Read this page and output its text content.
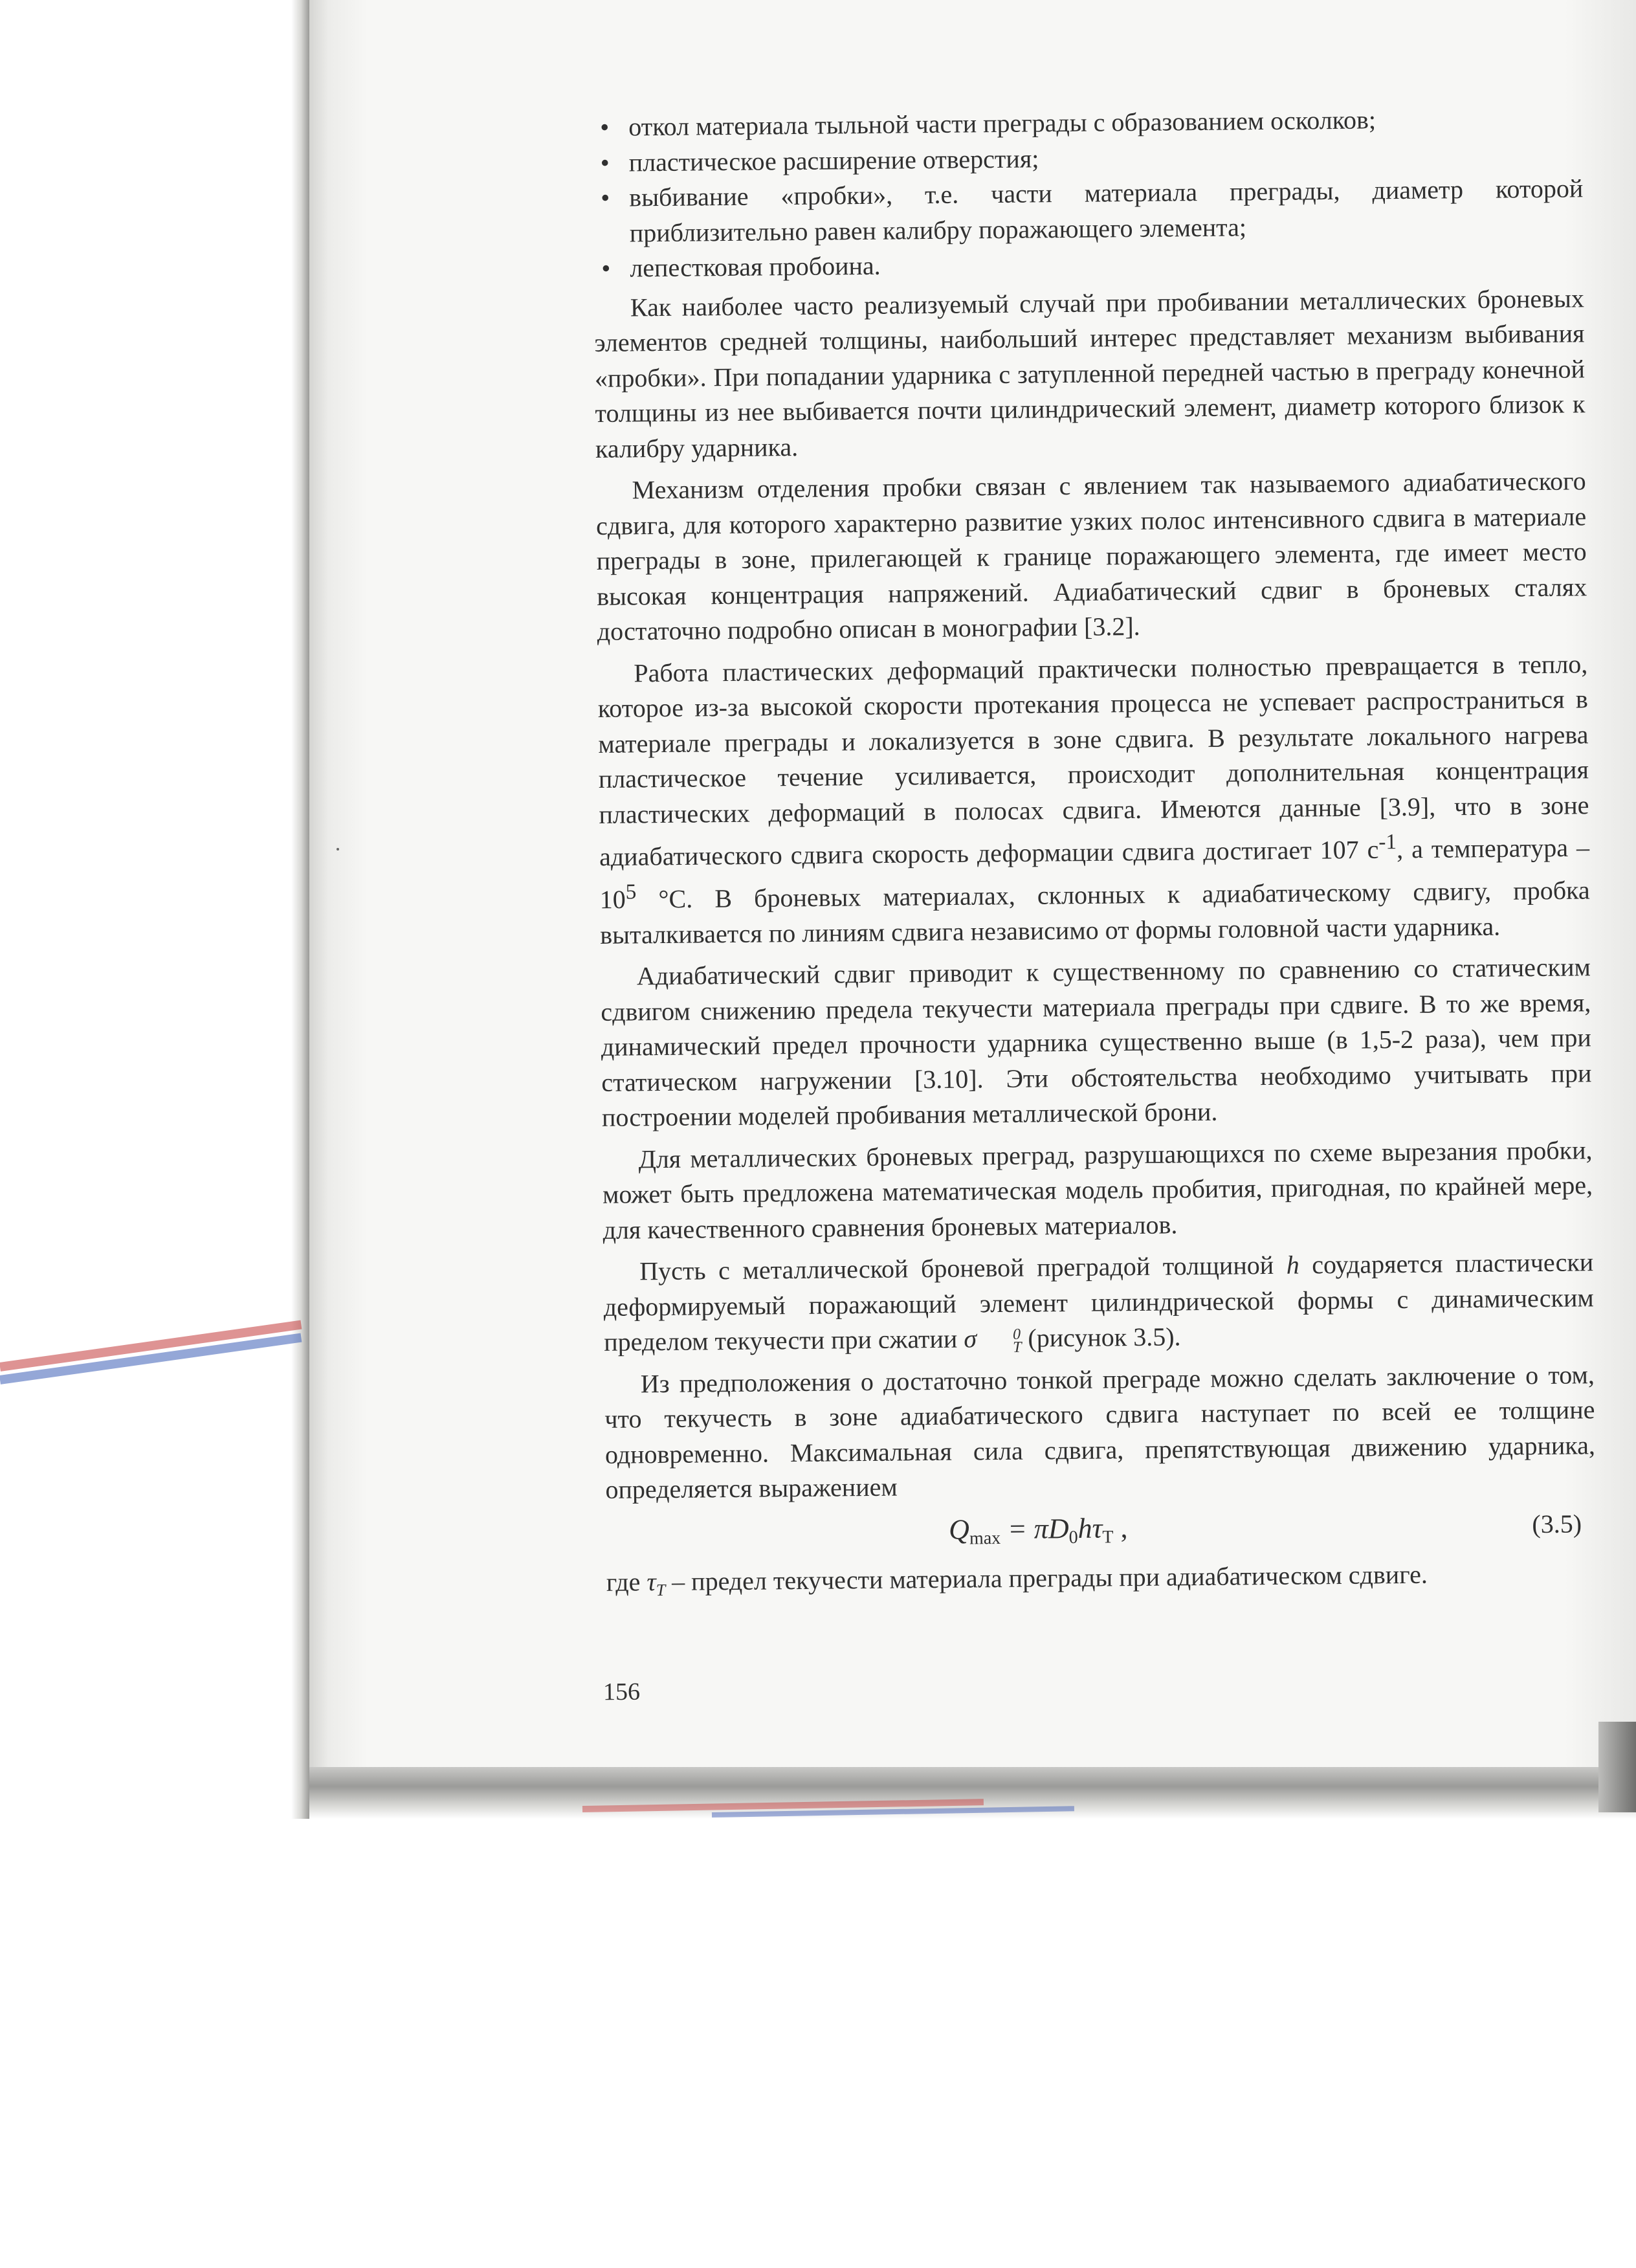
• откол материала тыльной части преграды с образованием осколков;
• пластическое расширение отверстия;
• выбивание «пробки», т.е. части материала преграды, диаметр которой приблизительно равен калибру поражающего элемента;
• лепестковая пробоина.

Как наиболее часто реализуемый случай при пробивании металлических броневых элементов средней толщины, наибольший интерес представляет механизм выбивания «пробки». При попадании ударника с затупленной передней частью в преграду конечной толщины из нее выбивается почти цилиндрический элемент, диаметр которого близок к калибру ударника.

Механизм отделения пробки связан с явлением так называемого адиабатического сдвига, для которого характерно развитие узких полос интенсивного сдвига в материале преграды в зоне, прилегающей к границе поражающего элемента, где имеет место высокая концентрация напряжений. Адиабатический сдвиг в броневых сталях достаточно подробно описан в монографии [3.2].

Работа пластических деформаций практически полностью превращается в тепло, которое из-за высокой скорости протекания процесса не успевает распространиться в материале преграды и локализуется в зоне сдвига. В результате локального нагрева пластическое течение усиливается, происходит дополнительная концентрация пластических деформаций в полосах сдвига. Имеются данные [3.9], что в зоне адиабатического сдвига скорость деформации сдвига достигает 107 $с^{-1}$, а температура – $10^5$ °С. В броневых материалах, склонных к адиабатическому сдвигу, пробка выталкивается по линиям сдвига независимо от формы головной части ударника.

Адиабатический сдвиг приводит к существенному по сравнению со статическим сдвигом снижению предела текучести материала преграды при сдвиге. В то же время, динамический предел прочности ударника существенно выше (в 1,5-2 раза), чем при статическом нагружении [3.10]. Эти обстоятельства необходимо учитывать при построении моделей пробивания металлической брони.

Для металлических броневых преград, разрушающихся по схеме вырезания пробки, может быть предложена математическая модель пробития, пригодная, по крайней мере, для качественного сравнения броневых материалов.

Пусть с металлической броневой преградой толщиной h соударяется пластически деформируемый поражающий элемент цилиндрической формы с динамическим пределом текучести при сжатии σ	0
T (рисунок 3.5).

Из предположения о достаточно тонкой преграде можно сделать заключение о том, что текучесть в зоне адиабатического сдвига наступает по всей ее толщине одновременно. Максимальная сила сдвига, препятствующая движению ударника, определяется выражением

$Q_{max} = \pi D_0h\tau_T$ ,	(3.5)

где $\tau_T$ – предел текучести материала преграды при адиабатическом сдвиге.

156
